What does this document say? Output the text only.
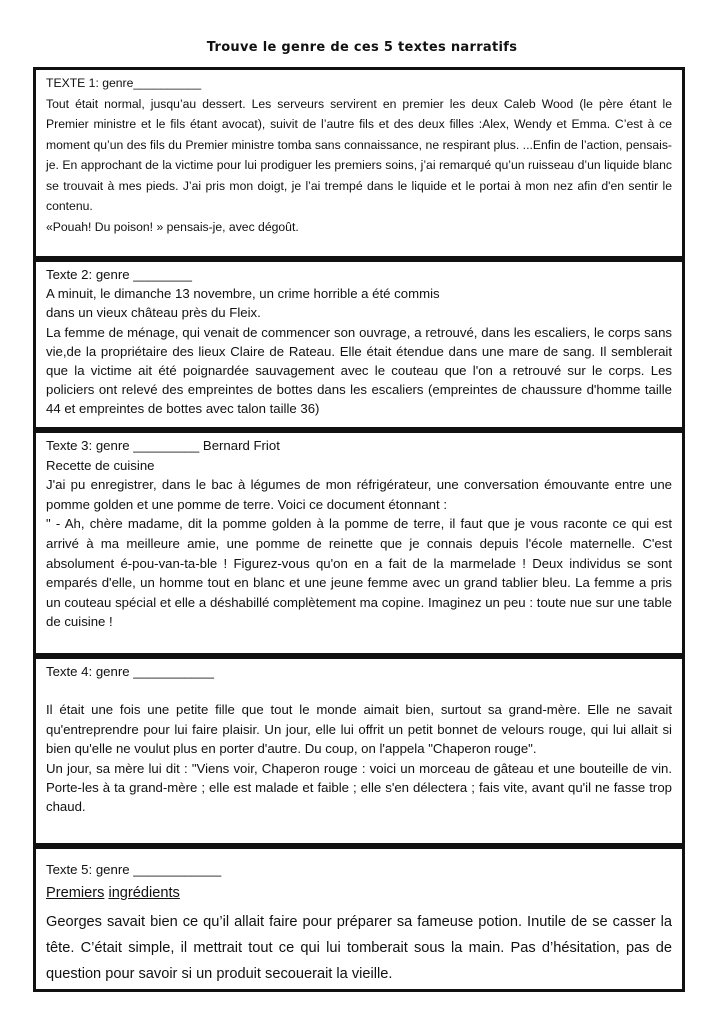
Trouve le genre de ces 5 textes narratifs

TEXTE 1: genre__________

Tout était normal, jusqu’au dessert. Les serveurs servirent en premier les deux Caleb Wood (le père étant le Premier ministre et le fils étant avocat), suivit de l’autre fils et des deux filles :Alex, Wendy et Emma. C’est à ce moment qu’un des fils du Premier ministre tomba sans connaissance, ne respirant plus. ...Enfin de l’action, pensais-je. En approchant de la victime pour lui prodiguer les premiers soins, j’ai remarqué qu’un ruisseau d’un liquide blanc se trouvait à mes pieds. J’ai pris mon doigt, je l’ai trempé dans le liquide et le portai à mon nez afin d'en sentir le contenu.

«Pouah! Du poison! » pensais-je, avec dégoût.

Texte 2: genre ________

A minuit, le dimanche 13 novembre, un crime horrible a été commis

dans un vieux château près du Fleix.

La femme de ménage, qui venait de commencer son ouvrage, a retrouvé, dans les escaliers, le corps sans vie,de la propriétaire des lieux Claire de Rateau. Elle était étendue dans une mare de sang. Il semblerait que la victime ait été poignardée sauvagement avec le couteau que l'on a retrouvé sur le corps. Les policiers ont relevé des empreintes de bottes dans les escaliers (empreintes de chaussure d'homme taille 44 et empreintes de bottes avec talon taille 36)

Texte 3: genre _________ Bernard Friot

Recette de cuisine

J'ai pu enregistrer, dans le bac à légumes de mon réfrigérateur, une conversation émouvante entre une pomme golden et une pomme de terre. Voici ce document étonnant :

" - Ah, chère madame, dit la pomme golden à la pomme de terre, il faut que je vous raconte ce qui est arrivé à ma meilleure amie, une pomme de reinette que je connais depuis l'école maternelle. C'est absolument é-pou-van-ta-ble ! Figurez-vous qu'on en a fait de la marmelade ! Deux individus se sont emparés d'elle, un homme tout en blanc et une jeune femme avec un grand tablier bleu. La femme a pris un couteau spécial et elle a déshabillé complètement ma copine. Imaginez un peu : toute nue sur une table de cuisine !

Texte 4: genre ___________

Il était une fois une petite fille que tout le monde aimait bien, surtout sa grand-mère. Elle ne savait qu'entreprendre pour lui faire plaisir. Un jour, elle lui offrit un petit bonnet de velours rouge, qui lui allait si bien qu'elle ne voulut plus en porter d'autre. Du coup, on l'appela "Chaperon rouge".

Un jour, sa mère lui dit : "Viens voir, Chaperon rouge : voici un morceau de gâteau et une bouteille de vin. Porte-les à ta grand-mère ; elle est malade et faible ; elle s'en délectera ; fais vite, avant qu'il ne fasse trop chaud.

Texte 5: genre ____________

Premiers ingrédients

Georges savait bien ce qu’il allait faire pour préparer sa fameuse potion. Inutile de se casser la tête. C’était simple, il mettrait tout ce qui lui tomberait sous la main. Pas d’hésitation, pas de question pour savoir si un produit secouerait la vieille.
